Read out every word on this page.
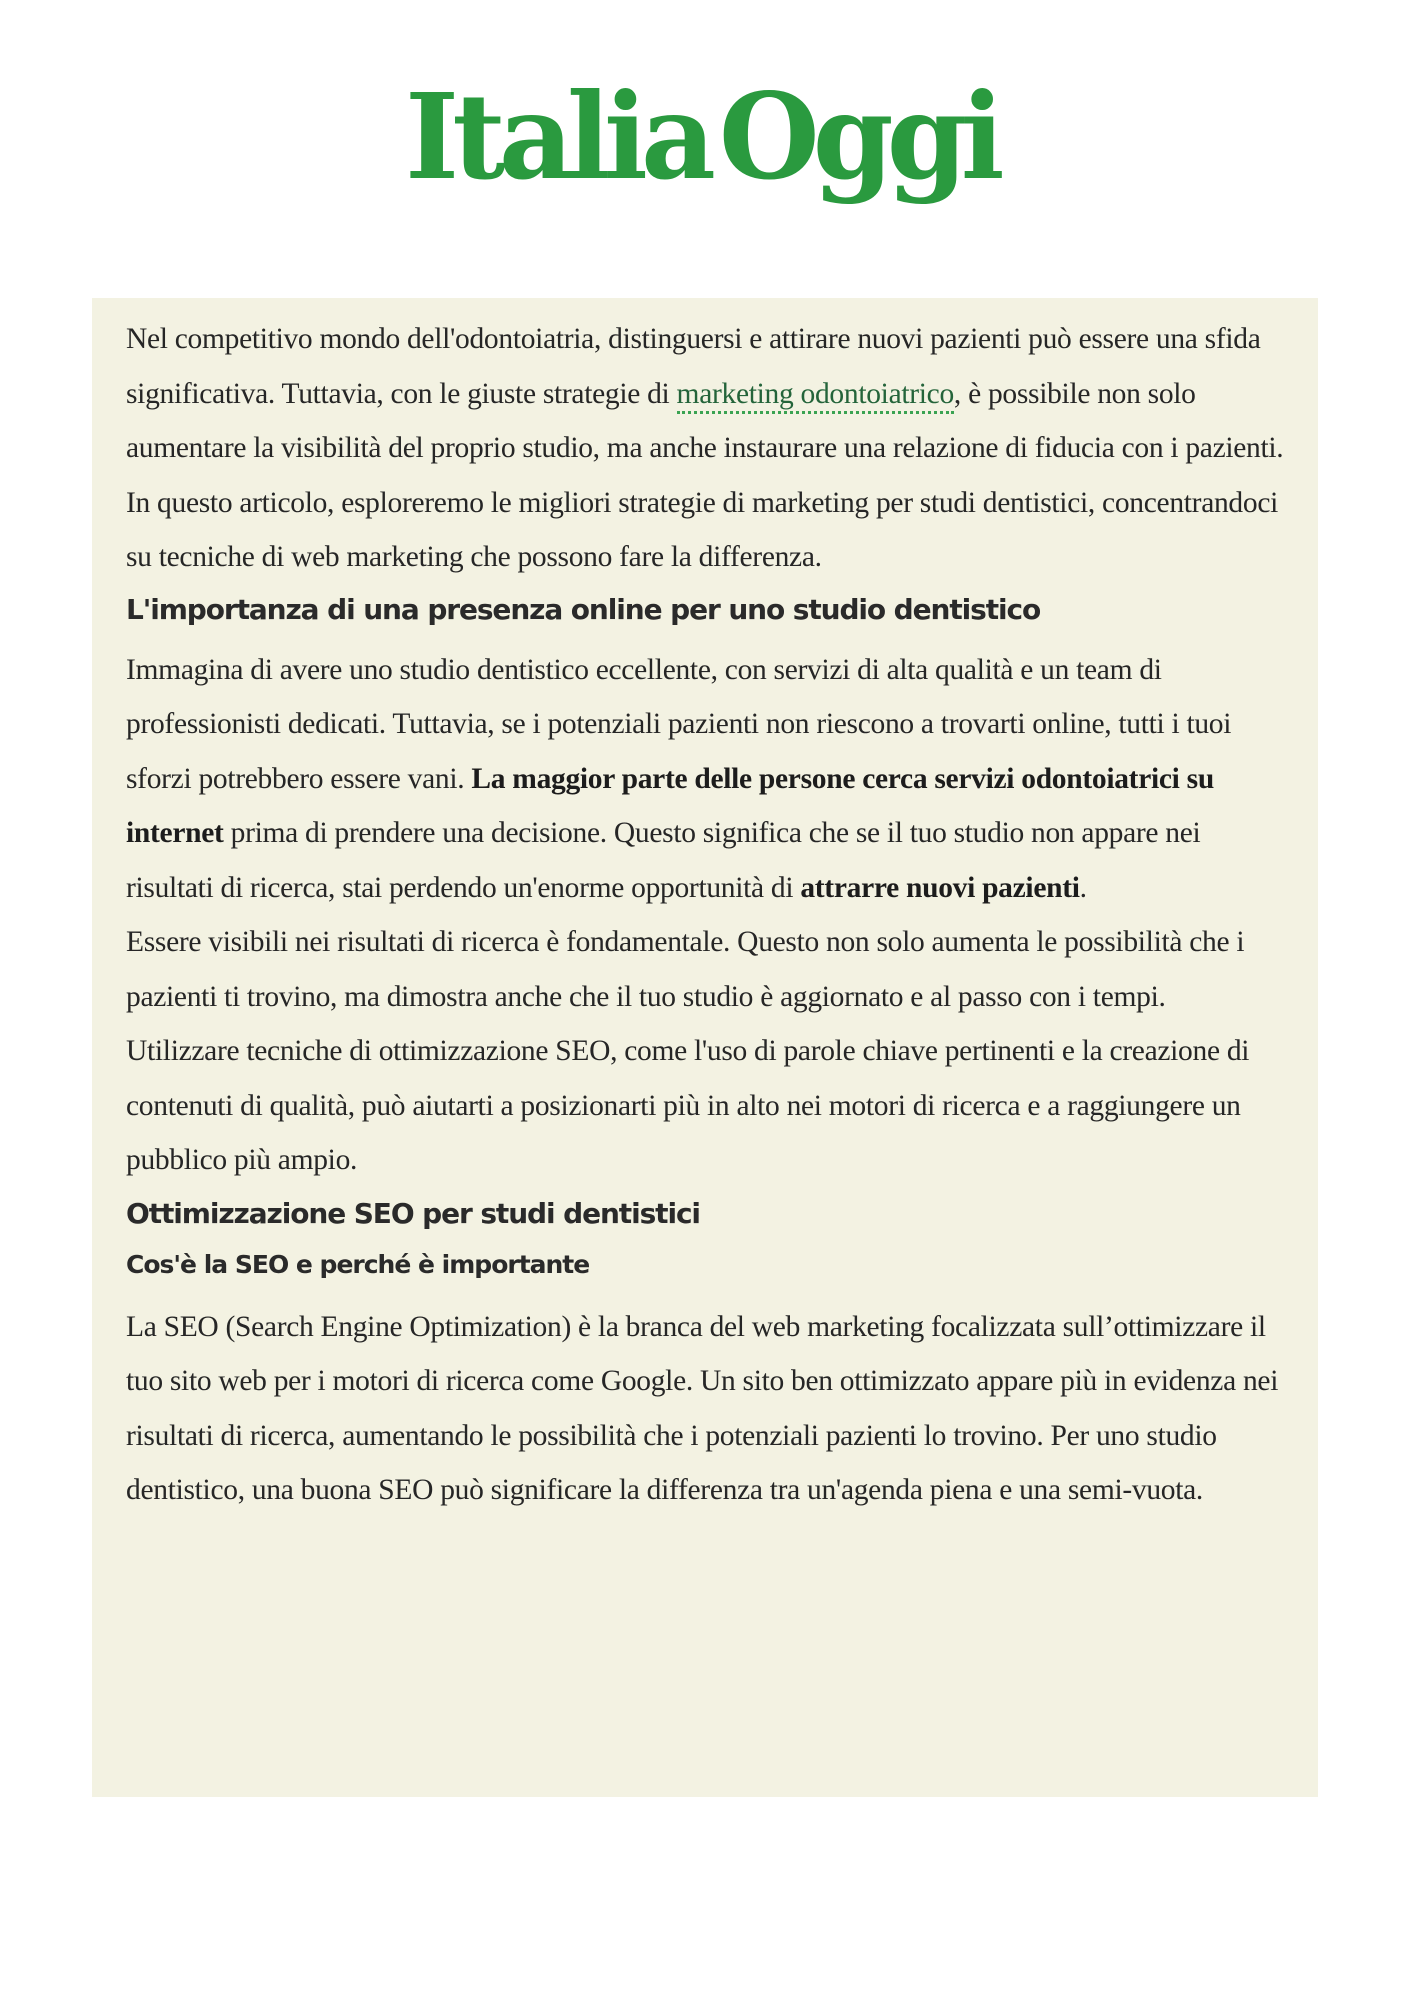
ItaliaOggi

Nel competitivo mondo dell'odontoiatria, distinguersi e attirare nuovi pazienti può essere una sfida significativa. Tuttavia, con le giuste strategie di marketing odontoiatrico, è possibile non solo aumentare la visibilità del proprio studio, ma anche instaurare una relazione di fiducia con i pazienti. In questo articolo, esploreremo le migliori strategie di marketing per studi dentistici, concentrandoci su tecniche di web marketing che possono fare la differenza.

L'importanza di una presenza online per uno studio dentistico

Immagina di avere uno studio dentistico eccellente, con servizi di alta qualità e un team di professionisti dedicati. Tuttavia, se i potenziali pazienti non riescono a trovarti online, tutti i tuoi sforzi potrebbero essere vani. La maggior parte delle persone cerca servizi odontoiatrici su internet prima di prendere una decisione. Questo significa che se il tuo studio non appare nei risultati di ricerca, stai perdendo un'enorme opportunità di attrarre nuovi pazienti.

Essere visibili nei risultati di ricerca è fondamentale. Questo non solo aumenta le possibilità che i pazienti ti trovino, ma dimostra anche che il tuo studio è aggiornato e al passo con i tempi. Utilizzare tecniche di ottimizzazione SEO, come l'uso di parole chiave pertinenti e la creazione di contenuti di qualità, può aiutarti a posizionarti più in alto nei motori di ricerca e a raggiungere un pubblico più ampio.

Ottimizzazione SEO per studi dentistici
Cos'è la SEO e perché è importante

La SEO (Search Engine Optimization) è la branca del web marketing focalizzata sull’ottimizzare il tuo sito web per i motori di ricerca come Google. Un sito ben ottimizzato appare più in evidenza nei risultati di ricerca, aumentando le possibilità che i potenziali pazienti lo trovino. Per uno studio dentistico, una buona SEO può significare la differenza tra un'agenda piena e una semi-vuota.
